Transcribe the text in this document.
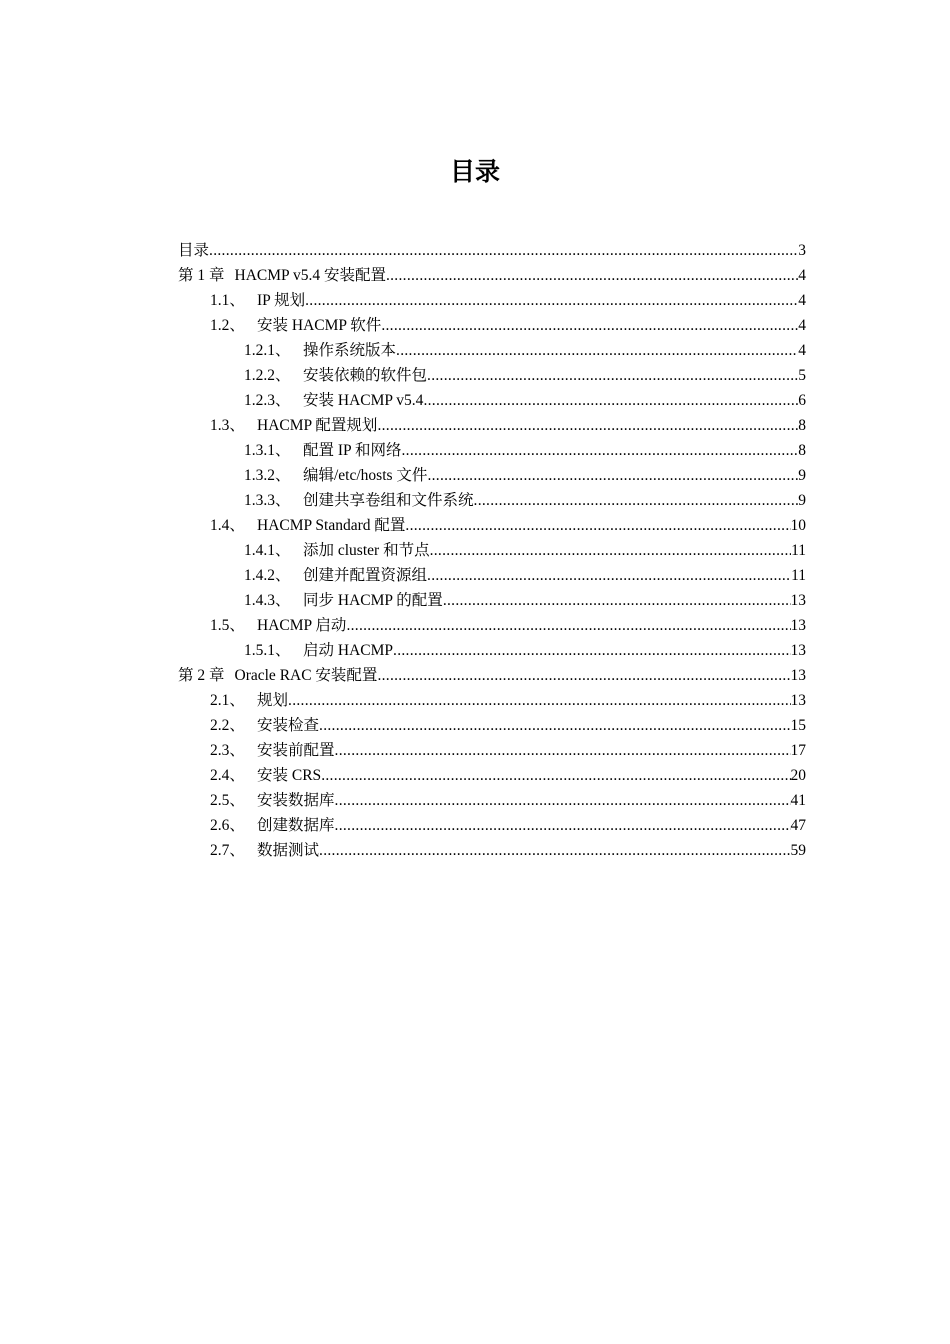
目录
目录 .....	3
第 1 章 HACMP v5.4 安装配置 .....	4
1.1、 IP 规划 .....	4
1.2、 安装 HACMP 软件 .....	4
1.2.1、 操作系统版本 .....	4
1.2.2、 安装依赖的软件包 .....	5
1.2.3、 安装 HACMP v5.4 .....	6
1.3、 HACMP 配置规划 .....	8
1.3.1、 配置 IP 和网络 .....	8
1.3.2、 编辑/etc/hosts 文件 .....	9
1.3.3、 创建共享卷组和文件系统 .....	9
1.4、 HACMP Standard 配置 .....	10
1.4.1、 添加 cluster 和节点 .....	11
1.4.2、 创建并配置资源组 .....	11
1.4.3、 同步 HACMP 的配置 .....	13
1.5、 HACMP 启动 .....	13
1.5.1、 启动 HACMP .....	13
第 2 章 Oracle RAC 安装配置 .....	13
2.1、 规划 .....	13
2.2、 安装检查 .....	15
2.3、 安装前配置 .....	17
2.4、 安装 CRS .....	20
2.5、 安装数据库 .....	41
2.6、 创建数据库 .....	47
2.7、 数据测试 .....	59
